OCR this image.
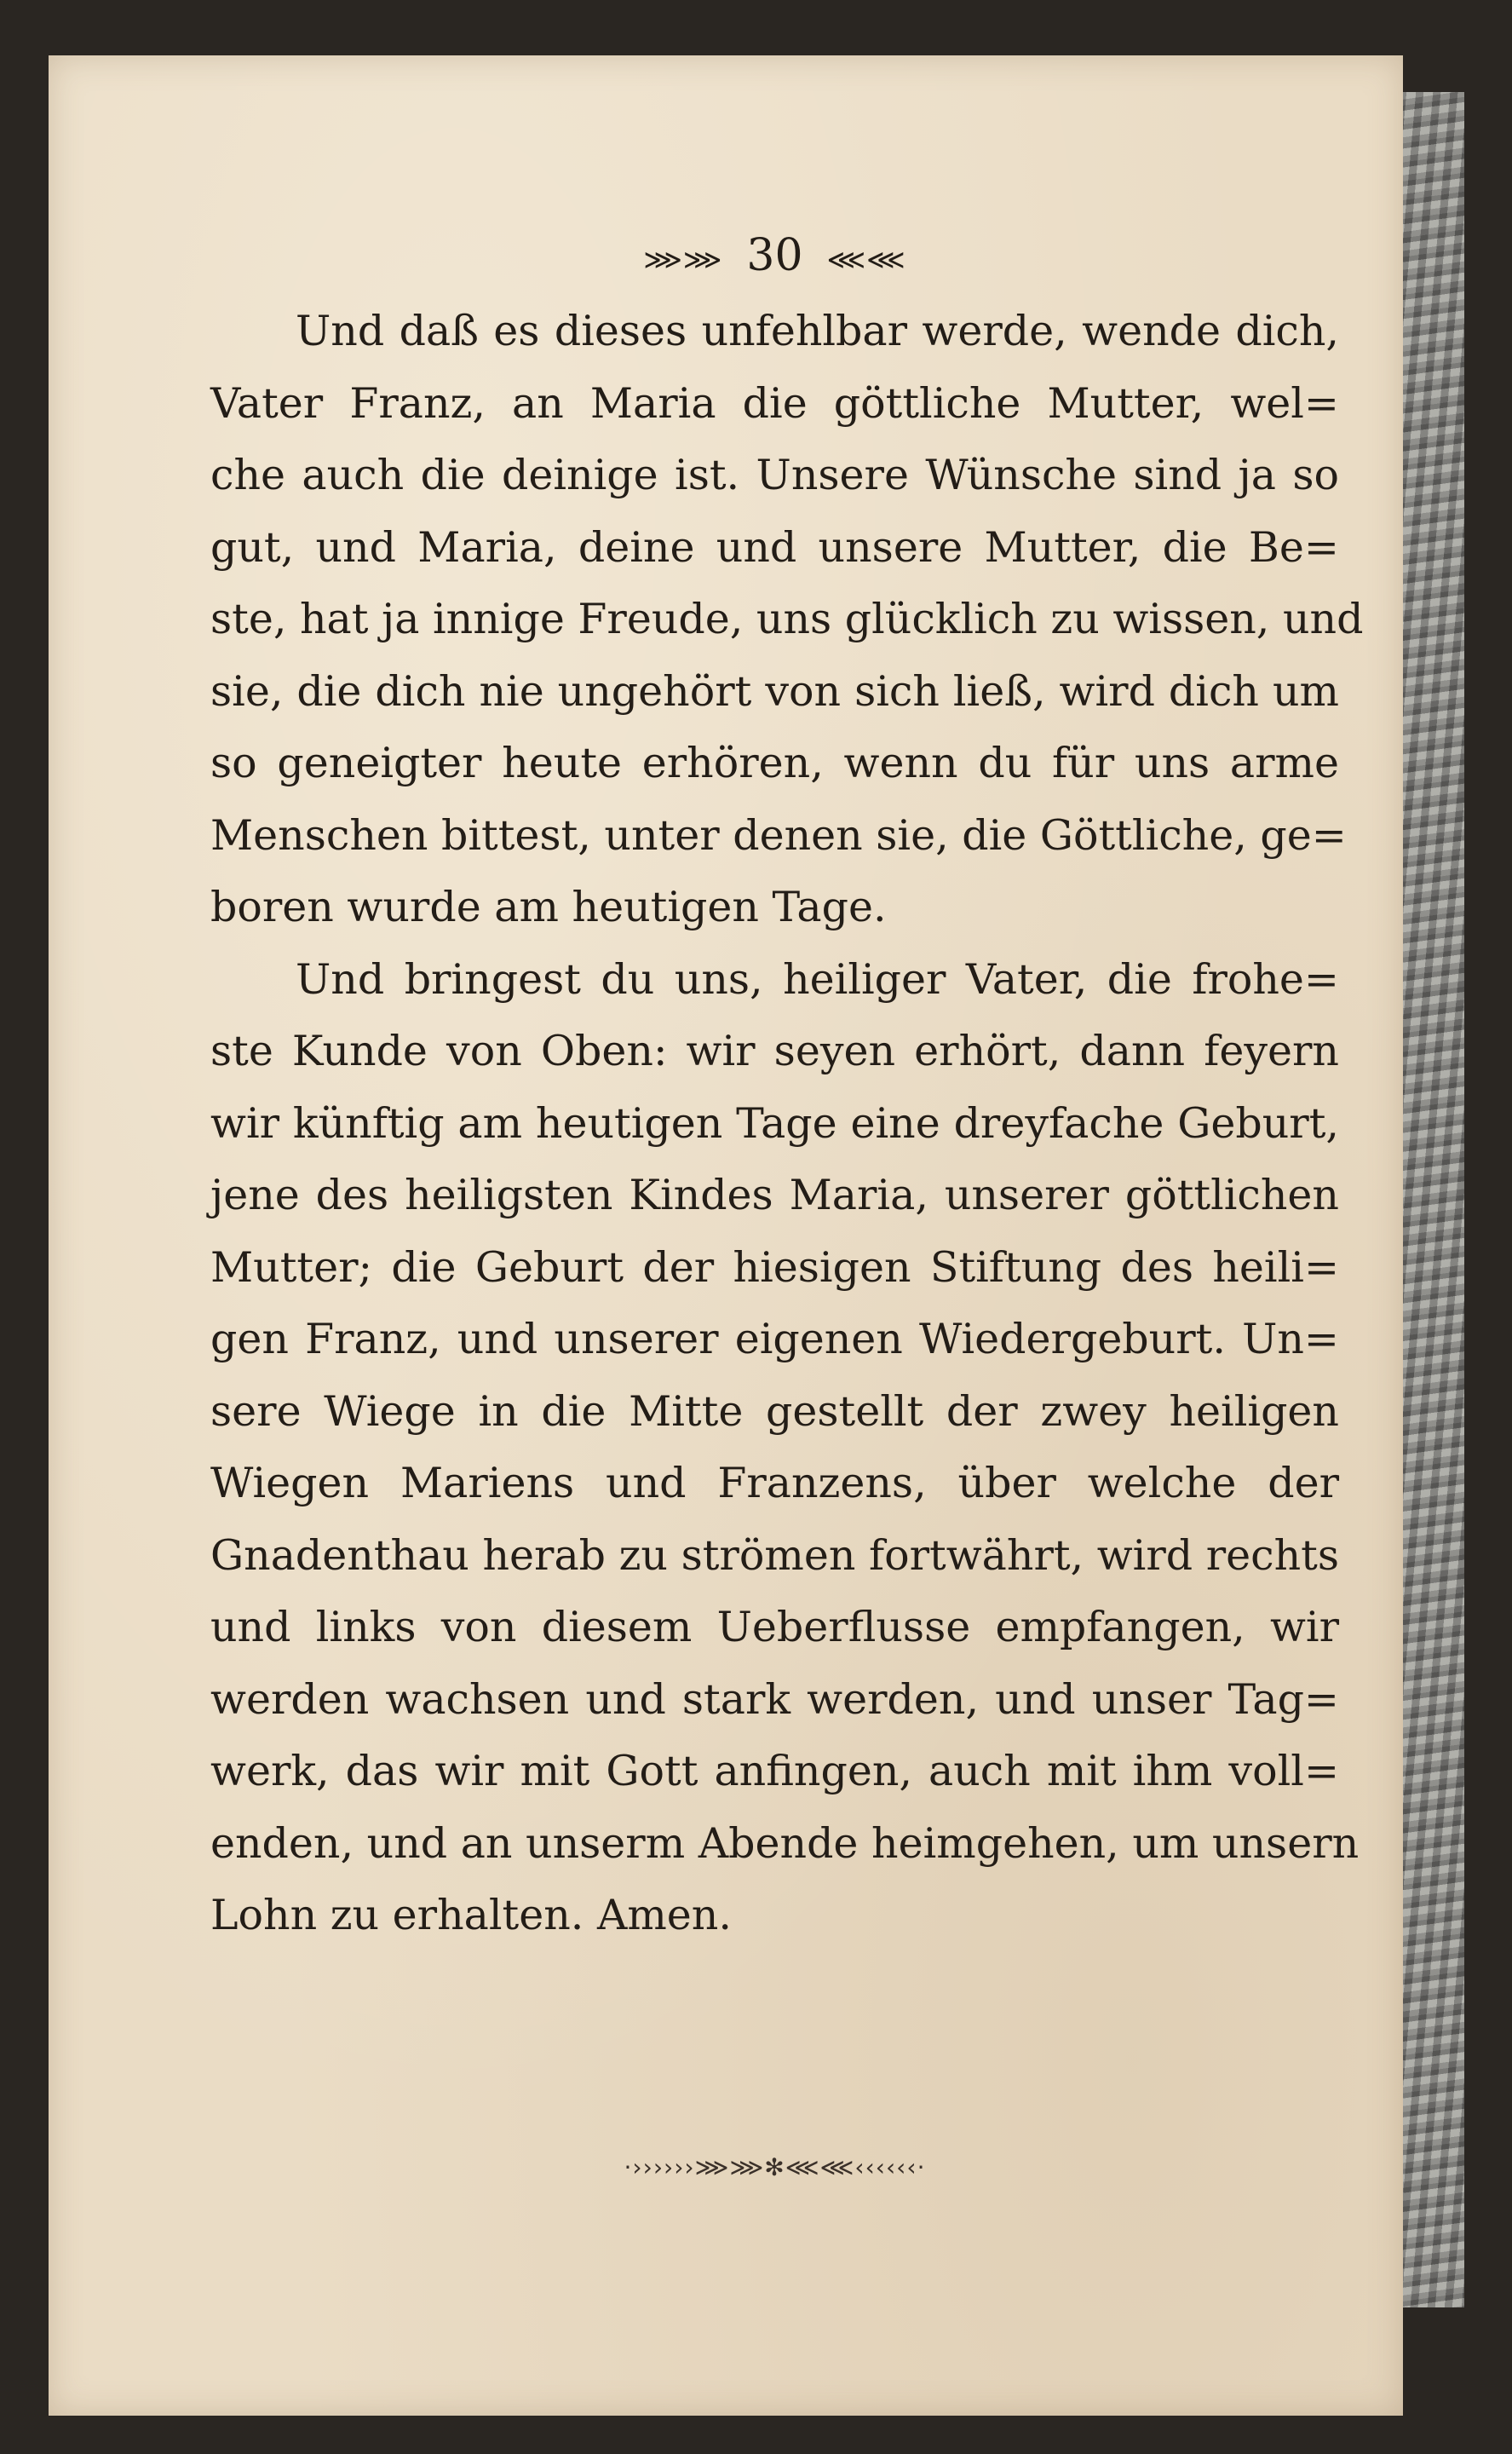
⋙⋙ 30 ⋘⋘
Und daß es dieses unfehlbar werde, wende dich,
Vater Franz, an Maria die göttliche Mutter, wel=
che auch die deinige ist. Unsere Wünsche sind ja so
gut, und Maria, deine und unsere Mutter, die Be=
ste, hat ja innige Freude, uns glücklich zu wissen, und
sie, die dich nie ungehört von sich ließ, wird dich um
so geneigter heute erhören, wenn du für uns arme
Menschen bittest, unter denen sie, die Göttliche, ge=
boren wurde am heutigen Tage.
Und bringest du uns, heiliger Vater, die frohe=
ste Kunde von Oben: wir seyen erhört, dann feyern
wir künftig am heutigen Tage eine dreyfache Geburt,
jene des heiligsten Kindes Maria, unserer göttlichen
Mutter; die Geburt der hiesigen Stiftung des heili=
gen Franz, und unserer eigenen Wiedergeburt. Un=
sere Wiege in die Mitte gestellt der zwey heiligen
Wiegen Mariens und Franzens, über welche der
Gnadenthau herab zu strömen fortwährt, wird rechts
und links von diesem Ueberflusse empfangen, wir
werden wachsen und stark werden, und unser Tag=
werk, das wir mit Gott anfingen, auch mit ihm voll=
enden, und an unserm Abende heimgehen, um unsern
Lohn zu erhalten. Amen.
·››››››⋙⋙✻⋘⋘‹‹‹‹‹‹·
